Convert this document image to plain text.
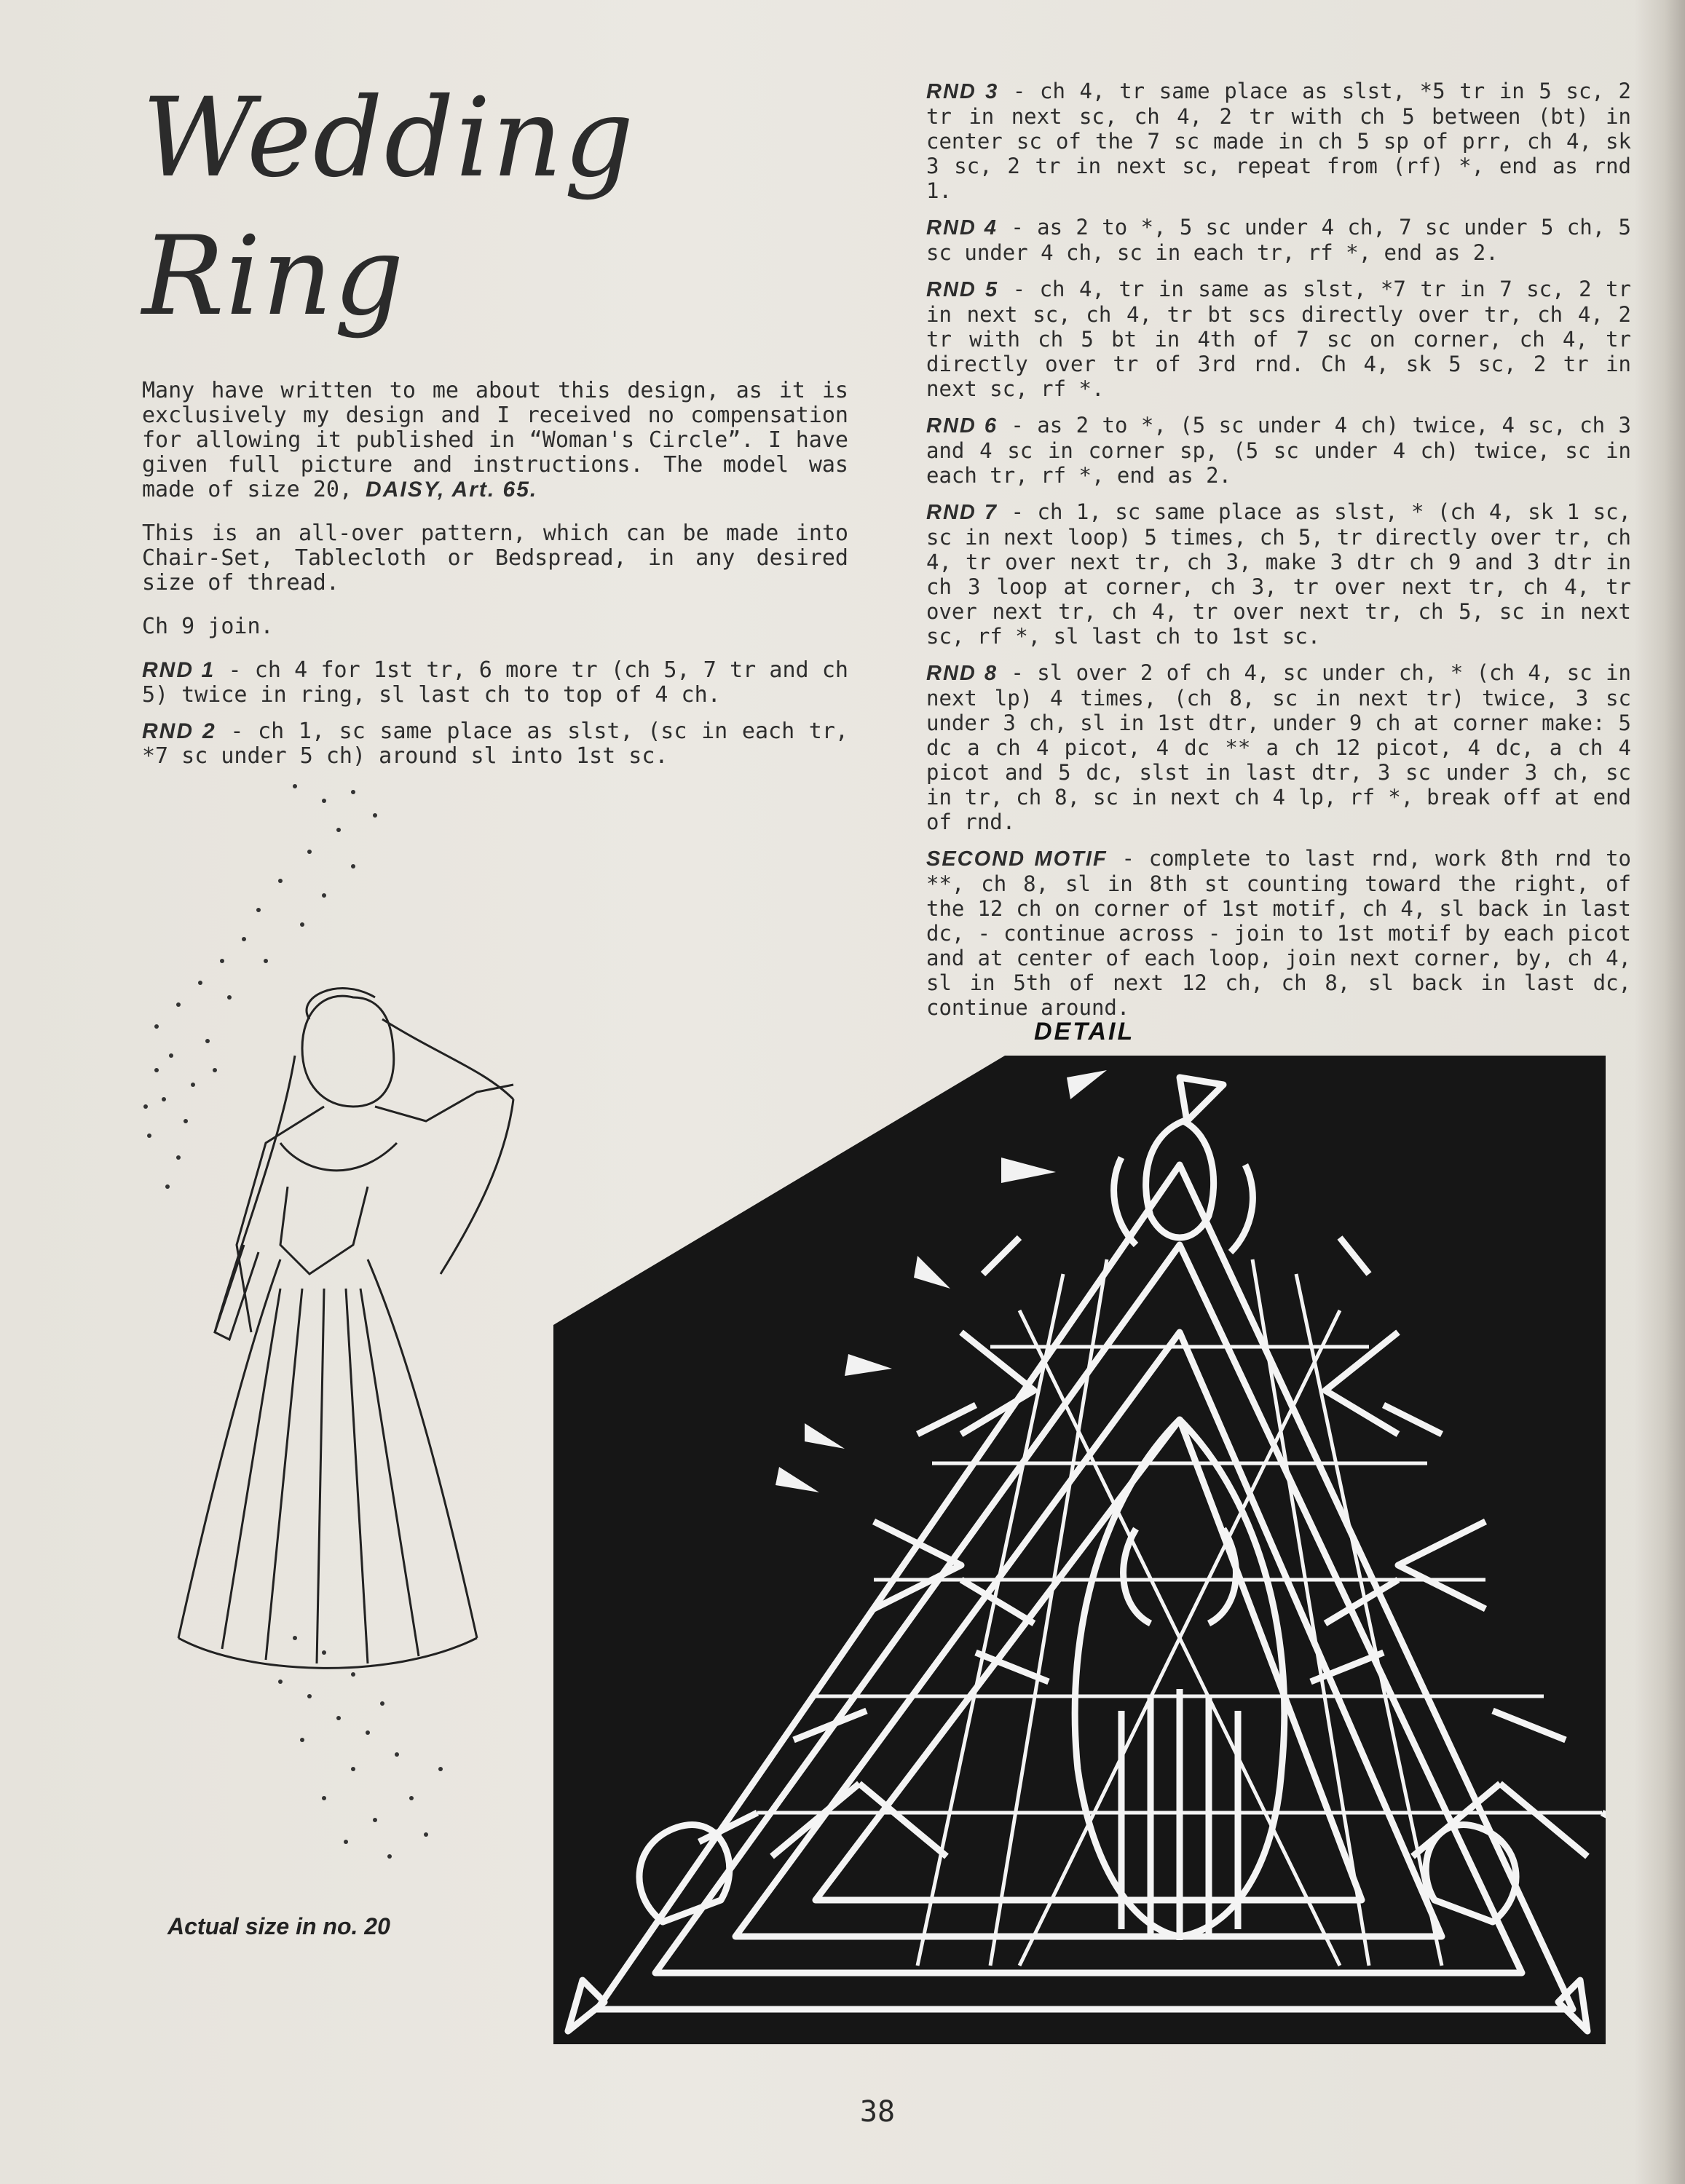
Wedding Ring

Many have written to me about this design, as it is exclusively my design and I received no compensation for allowing it published in “Woman's Circle”. I have given full picture and instructions. The model was made of size 20, DAISY, Art. 65.

This is an all-over pattern, which can be made into Chair-Set, Tablecloth or Bedspread, in any desired size of thread.

Ch 9 join.

RND 1 - ch 4 for 1st tr, 6 more tr (ch 5, 7 tr and ch 5) twice in ring, sl last ch to top of 4 ch.

RND 2 - ch 1, sc same place as slst, (sc in each tr, *7 sc under 5 ch) around sl into 1st sc.

RND 3 - ch 4, tr same place as slst, *5 tr in 5 sc, 2 tr in next sc, ch 4, 2 tr with ch 5 between (bt) in center sc of the 7 sc made in ch 5 sp of prr, ch 4, sk 3 sc, 2 tr in next sc, repeat from (rf) *, end as rnd 1.

RND 4 - as 2 to *, 5 sc under 4 ch, 7 sc under 5 ch, 5 sc under 4 ch, sc in each tr, rf *, end as 2.

RND 5 - ch 4, tr in same as slst, *7 tr in 7 sc, 2 tr in next sc, ch 4, tr bt scs directly over tr, ch 4, 2 tr with ch 5 bt in 4th of 7 sc on corner, ch 4, tr directly over tr of 3rd rnd. Ch 4, sk 5 sc, 2 tr in next sc, rf *.

RND 6 - as 2 to *, (5 sc under 4 ch) twice, 4 sc, ch 3 and 4 sc in corner sp, (5 sc under 4 ch) twice, sc in each tr, rf *, end as 2.

RND 7 - ch 1, sc same place as slst, * (ch 4, sk 1 sc, sc in next loop) 5 times, ch 5, tr directly over tr, ch 4, tr over next tr, ch 3, make 3 dtr ch 9 and 3 dtr in ch 3 loop at corner, ch 3, tr over next tr, ch 4, tr over next tr, ch 4, tr over next tr, ch 5, sc in next sc, rf *, sl last ch to 1st sc.

RND 8 - sl over 2 of ch 4, sc under ch, * (ch 4, sc in next lp) 4 times, (ch 8, sc in next tr) twice, 3 sc under 3 ch, sl in 1st dtr, under 9 ch at corner make: 5 dc a ch 4 picot, 4 dc ** a ch 12 picot, 4 dc, a ch 4 picot and 5 dc, slst in last dtr, 3 sc under 3 ch, sc in tr, ch 8, sc in next ch 4 lp, rf *, break off at end of rnd.

SECOND MOTIF - complete to last rnd, work 8th rnd to **, ch 8, sl in 8th st counting toward the right, of the 12 ch on corner of 1st motif, ch 4, sl back in last dc, - continue across - join to 1st motif by each picot and at center of each loop, join next corner, by, ch 4, sl in 5th of next 12 ch, ch 8, sl back in last dc, continue around.

Actual size in no. 20
DETAIL
38
